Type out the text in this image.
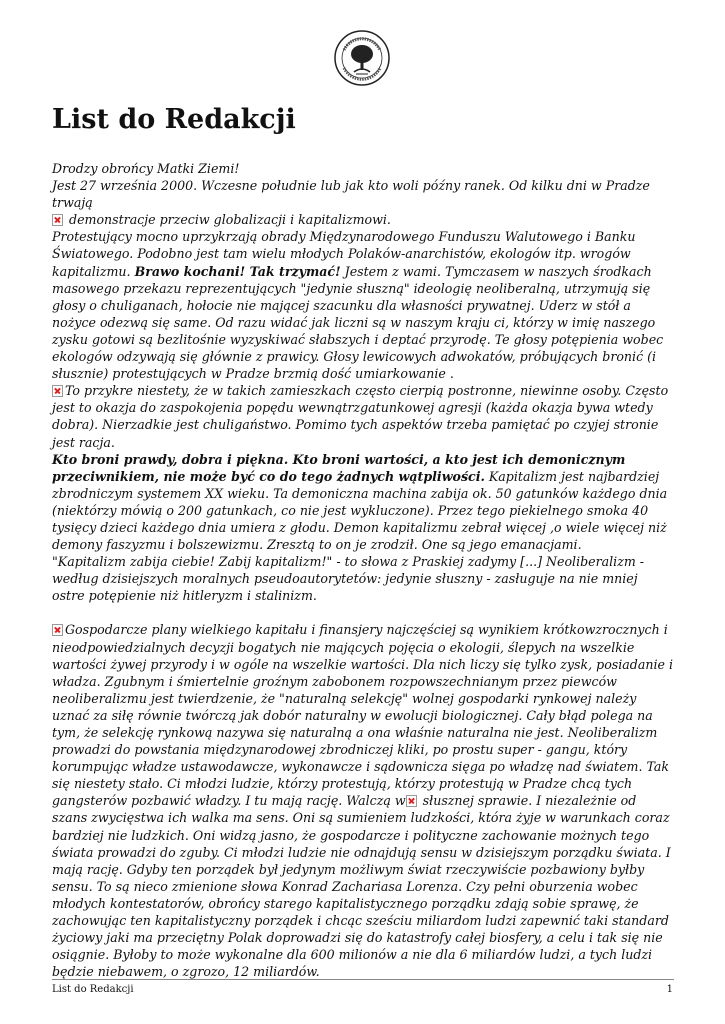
List do Redakcji

Drodzy obrońcy Matki Ziemi!

Jest 27 września 2000. Wczesne południe lub jak kto woli późny ranek. Od kilku dni w Pradze trwają
demonstracje przeciw globalizacji i kapitalizmowi.

Protestujący mocno uprzykrzają obrady Międzynarodowego Funduszu Walutowego i Banku Światowego. Podobno jest tam wielu młodych Polaków-anarchistów, ekologów itp. wrogów kapitalizmu. Brawo kochani! Tak trzymać! Jestem z wami. Tymczasem w naszych środkach masowego przekazu reprezentujących "jedynie słuszną" ideologię neoliberalną, utrzymują się głosy o chuliganach, hołocie nie mającej szacunku dla własności prywatnej. Uderz w stół a nożyce odezwą się same. Od razu widać jak liczni są w naszym kraju ci, którzy w imię naszego zysku gotowi są bezlitośnie wyzyskiwać słabszych i deptać przyrodę. Te głosy potępienia wobec ekologów odzywają się głównie z prawicy. Głosy lewicowych adwokatów, próbujących bronić (i słusznie) protestujących w Pradze brzmią dość umiarkowanie .

To przykre niestety, że w takich zamieszkach często cierpią postronne, niewinne osoby. Często jest to okazja do zaspokojenia popędu wewnątrzgatunkowej agresji (każda okazja bywa wtedy dobra). Nierzadkie jest chuligaństwo. Pomimo tych aspektów trzeba pamiętać po czyjej stronie jest racja.

Kto broni prawdy, dobra i piękna. Kto broni wartości, a kto jest ich demonicznym przeciwnikiem, nie może być co do tego żadnych wątpliwości. Kapitalizm jest najbardziej zbrodniczym systemem XX wieku. Ta demoniczna machina zabija ok. 50 gatunków każdego dnia (niektórzy mówią o 200 gatunkach, co nie jest wykluczone). Przez tego piekielnego smoka 40 tysięcy dzieci każdego dnia umiera z głodu. Demon kapitalizmu zebrał więcej ,o wiele więcej niż demony faszyzmu i bolszewizmu. Zresztą to on je zrodził. One są jego emanacjami.

"Kapitalizm zabija ciebie! Zabij kapitalizm!" - to słowa z Praskiej zadymy [...] Neoliberalizm - według dzisiejszych moralnych pseudoautorytetów: jedynie słuszny - zasługuje na nie mniej ostre potępienie niż hitleryzm i stalinizm.

Gospodarcze plany wielkiego kapitału i finansjery najczęściej są wynikiem krótkowzrocznych i nieodpowiedzialnych decyzji bogatych nie mających pojęcia o ekologii, ślepych na wszelkie wartości żywej przyrody i w ogóle na wszelkie wartości. Dla nich liczy się tylko zysk, posiadanie i władza. Zgubnym i śmiertelnie groźnym zabobonem rozpowszechnianym przez piewców neoliberalizmu jest twierdzenie, że "naturalną selekcję" wolnej gospodarki rynkowej należy uznać za siłę równie twórczą jak dobór naturalny w ewolucji biologicznej. Cały błąd polega na tym, że selekcję rynkową nazywa się naturalną a ona właśnie naturalna nie jest. Neoliberalizm prowadzi do powstania międzynarodowej zbrodniczej kliki, po prostu super - gangu, który korumpując władze ustawodawcze, wykonawcze i sądownicza sięga po władzę nad światem. Tak się niestety stało. Ci młodzi ludzie, którzy protestują, którzy protestują w Pradze chcą tych gangsterów pozbawić władzy. I tu mają rację. Walczą w słusznej sprawie. I niezależnie od szans zwycięstwa ich walka ma sens. Oni są sumieniem ludzkości, która żyje w warunkach coraz bardziej nie ludzkich. Oni widzą jasno, że gospodarcze i polityczne zachowanie możnych tego świata prowadzi do zguby. Ci młodzi ludzie nie odnajdują sensu w dzisiejszym porządku świata. I mają rację. Gdyby ten porządek był jedynym możliwym świat rzeczywiście pozbawiony byłby sensu. To są nieco zmienione słowa Konrad Zachariasa Lorenza. Czy pełni oburzenia wobec młodych kontestatorów, obrońcy starego kapitalistycznego porządku zdają sobie sprawę, że zachowując ten kapitalistyczny porządek i chcąc sześciu miliardom ludzi zapewnić taki standard życiowy jaki ma przeciętny Polak doprowadzi się do katastrofy całej biosfery, a celu i tak się nie osiągnie. Byłoby to może wykonalne dla 600 milionów a nie dla 6 miliardów ludzi, a tych ludzi będzie niebawem, o zgrozo, 12 miliardów.

List do Redakcji	1
